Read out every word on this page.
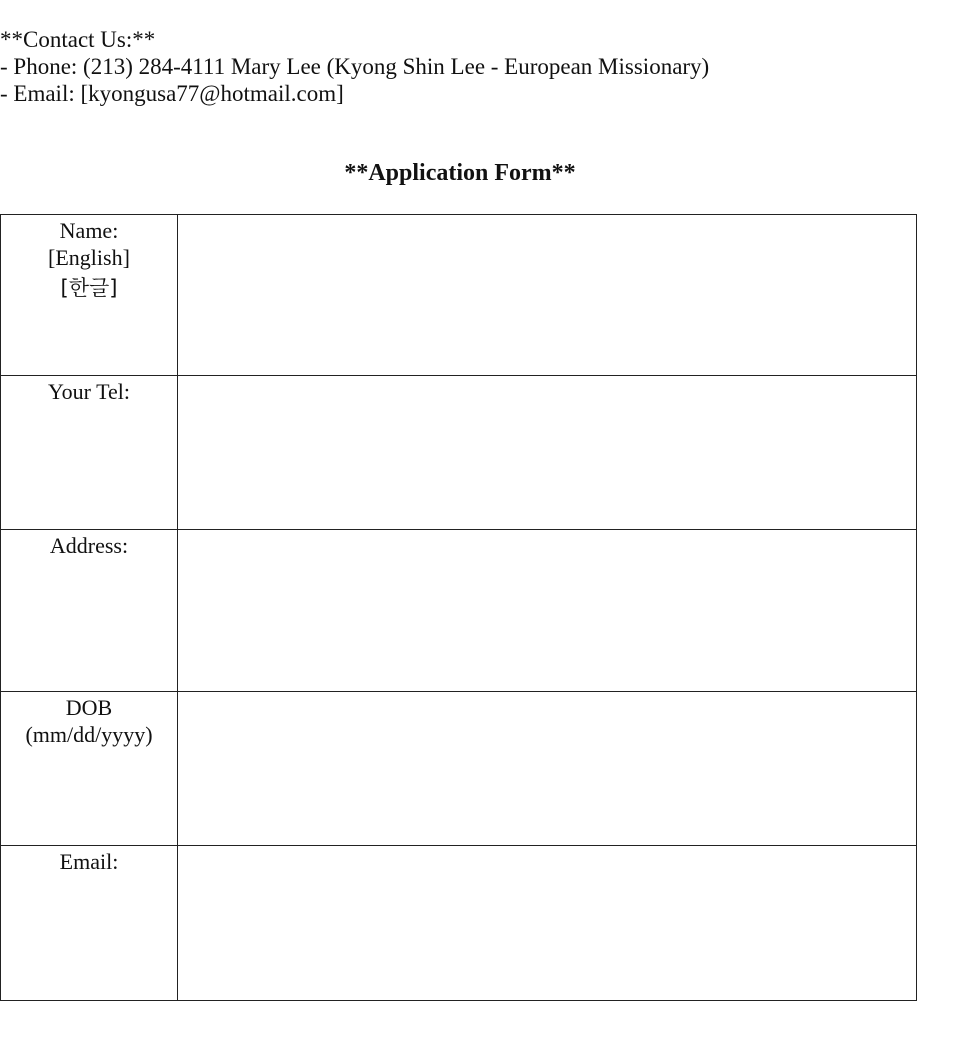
**Contact Us:**
- Phone: (213) 284-4111 Mary Lee (Kyong Shin Lee - European Missionary)
- Email: [kyongusa77@hotmail.com]
**Application Form**
Name:
[English]
[한글]	

Your Tel:	

Address:	

DOB
(mm/dd/yyyy)	

Email:	
